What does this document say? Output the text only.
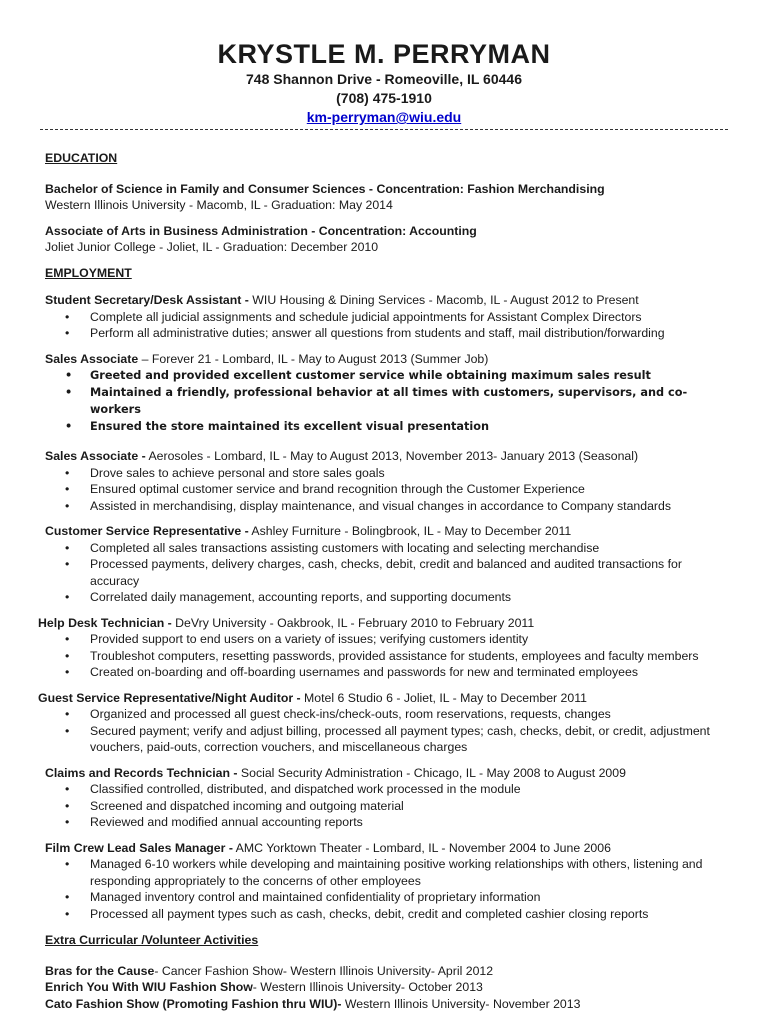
KRYSTLE M. PERRYMAN
748 Shannon Drive - Romeoville, IL 60446
(708) 475-1910
km-perryman@wiu.edu
EDUCATION
Bachelor of Science in Family and Consumer Sciences - Concentration: Fashion Merchandising
Western Illinois University - Macomb, IL - Graduation: May 2014
Associate of Arts in Business Administration - Concentration: Accounting
Joliet Junior College - Joliet, IL - Graduation: December 2010
EMPLOYMENT
Student Secretary/Desk Assistant - WIU Housing & Dining Services - Macomb, IL - August 2012 to Present
• Complete all judicial assignments and schedule judicial appointments for Assistant Complex Directors
• Perform all administrative duties; answer all questions from students and staff, mail distribution/forwarding
Sales Associate – Forever 21 - Lombard, IL - May to August 2013 (Summer Job)
• Greeted and provided excellent customer service while obtaining maximum sales result
• Maintained a friendly, professional behavior at all times with customers, supervisors, and co-workers
• Ensured the store maintained its excellent visual presentation
Sales Associate - Aerosoles - Lombard, IL - May to August 2013, November 2013- January 2013 (Seasonal)
• Drove sales to achieve personal and store sales goals
• Ensured optimal customer service and brand recognition through the Customer Experience
• Assisted in merchandising, display maintenance, and visual changes in accordance to Company standards
Customer Service Representative - Ashley Furniture - Bolingbrook, IL - May to December 2011
• Completed all sales transactions assisting customers with locating and selecting merchandise
• Processed payments, delivery charges, cash, checks, debit, credit and balanced and audited transactions for accuracy
• Correlated daily management, accounting reports, and supporting documents
Help Desk Technician - DeVry University - Oakbrook, IL - February 2010 to February 2011
• Provided support to end users on a variety of issues; verifying customers identity
• Troubleshot computers, resetting passwords, provided assistance for students, employees and faculty members
• Created on-boarding and off-boarding usernames and passwords for new and terminated employees
Guest Service Representative/Night Auditor - Motel 6 Studio 6 - Joliet, IL - May to December 2011
• Organized and processed all guest check-ins/check-outs, room reservations, requests, changes
• Secured payment; verify and adjust billing, processed all payment types; cash, checks, debit, or credit, adjustment vouchers, paid-outs, correction vouchers, and miscellaneous charges
Claims and Records Technician - Social Security Administration - Chicago, IL - May 2008 to August 2009
• Classified controlled, distributed, and dispatched work processed in the module
• Screened and dispatched incoming and outgoing material
• Reviewed and modified annual accounting reports
Film Crew Lead Sales Manager - AMC Yorktown Theater - Lombard, IL - November 2004 to June 2006
• Managed 6-10 workers while developing and maintaining positive working relationships with others, listening and responding appropriately to the concerns of other employees
• Managed inventory control and maintained confidentiality of proprietary information
• Processed all payment types such as cash, checks, debit, credit and completed cashier closing reports
Extra Curricular /Volunteer Activities
Bras for the Cause- Cancer Fashion Show- Western Illinois University- April 2012
Enrich You With WIU Fashion Show- Western Illinois University- October 2013
Cato Fashion Show (Promoting Fashion thru WIU)- Western Illinois University- November 2013
